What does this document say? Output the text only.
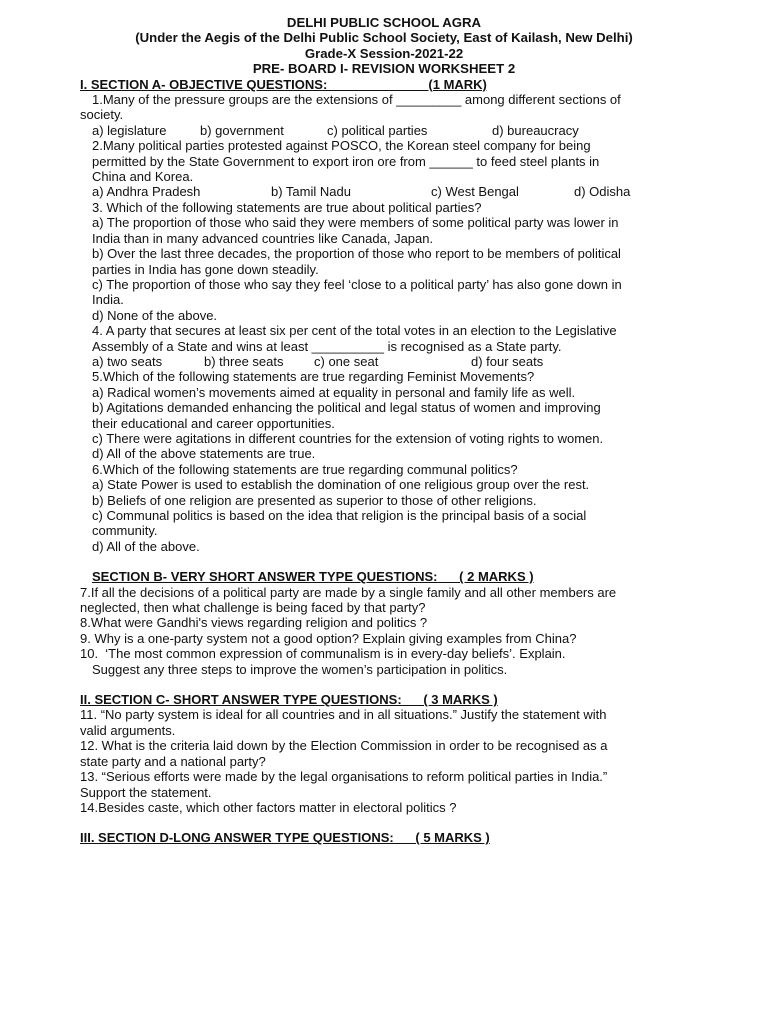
DELHI PUBLIC SCHOOL AGRA
(Under the Aegis of the Delhi Public School Society, East of Kailash, New Delhi)
Grade-X Session-2021-22
PRE- BOARD I- REVISION WORKSHEET 2
I. SECTION A- OBJECTIVE QUESTIONS:                            (1 MARK)
1.Many of the pressure groups are the extensions of _________ among different sections of
society.
a) legislature	b) government	c) political parties	d) bureaucracy
2.Many political parties protested against POSCO, the Korean steel company for being
permitted by the State Government to export iron ore from ______ to feed steel plants in
China and Korea.
a) Andhra Pradesh	b) Tamil Nadu	c) West Bengal	d) Odisha
3. Which of the following statements are true about political parties?
a) The proportion of those who said they were members of some political party was lower in
India than in many advanced countries like Canada, Japan.
b) Over the last three decades, the proportion of those who report to be members of political
parties in India has gone down steadily.
c) The proportion of those who say they feel ‘close to a political party’ has also gone down in
India.
d) None of the above.
4. A party that secures at least six per cent of the total votes in an election to the Legislative
Assembly of a State and wins at least __________ is recognised as a State party.
a) two seats	b) three seats c) one seat	d) four seats
5.Which of the following statements are true regarding Feminist Movements?
a) Radical women’s movements aimed at equality in personal and family life as well.
b) Agitations demanded enhancing the political and legal status of women and improving
their educational and career opportunities.
c) There were agitations in different countries for the extension of voting rights to women.
d) All of the above statements are true.
6.Which of the following statements are true regarding communal politics?
a) State Power is used to establish the domination of one religious group over the rest.
b) Beliefs of one religion are presented as superior to those of other religions.
c) Communal politics is based on the idea that religion is the principal basis of a social
community.
d) All of the above.
SECTION B- VERY SHORT ANSWER TYPE QUESTIONS:      ( 2 MARKS )
7.If all the decisions of a political party are made by a single family and all other members are
neglected, then what challenge is being faced by that party?
8.What were Gandhi's views regarding religion and politics ?
9. Why is a one-party system not a good option? Explain giving examples from China?
10.  ‘The most common expression of communalism is in every-day beliefs’. Explain.
Suggest any three steps to improve the women’s participation in politics.
II. SECTION C- SHORT ANSWER TYPE QUESTIONS:      ( 3 MARKS )
11. “No party system is ideal for all countries and in all situations.” Justify the statement with
valid arguments.
12. What is the criteria laid down by the Election Commission in order to be recognised as a
state party and a national party?
13. “Serious efforts were made by the legal organisations to reform political parties in India.”
Support the statement.
14.Besides caste, which other factors matter in electoral politics ?
III. SECTION D-LONG ANSWER TYPE QUESTIONS:      ( 5 MARKS )
